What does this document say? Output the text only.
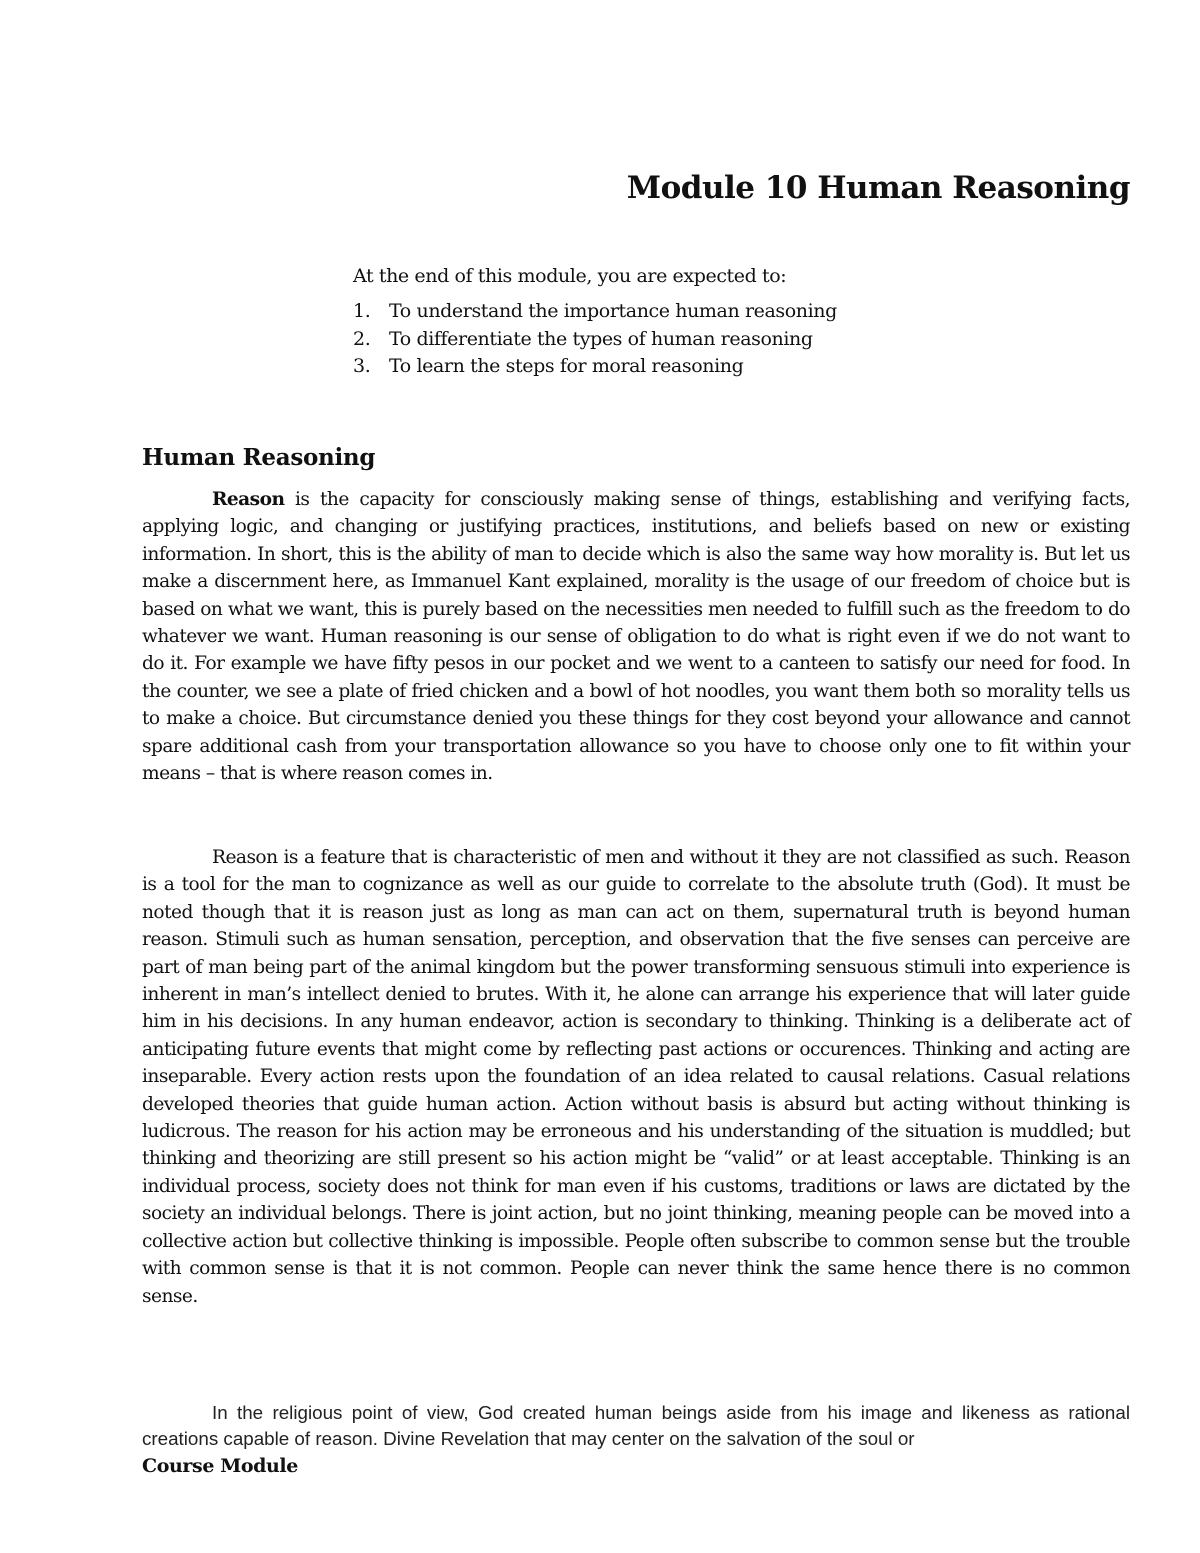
Module 10 Human Reasoning

At the end of this module, you are expected to:

1. To understand the importance human reasoning
2. To differentiate the types of human reasoning
3. To learn the steps for moral reasoning
Human Reasoning

Reason is the capacity for consciously making sense of things, establishing and verifying facts, applying logic, and changing or justifying practices, institutions, and beliefs based on new or existing information. In short, this is the ability of man to decide which is also the same way how morality is. But let us make a discernment here, as Immanuel Kant explained, morality is the usage of our freedom of choice but is based on what we want, this is purely based on the necessities men needed to fulfill such as the freedom to do whatever we want. Human reasoning is our sense of obligation to do what is right even if we do not want to do it. For example we have fifty pesos in our pocket and we went to a canteen to satisfy our need for food. In the counter, we see a plate of fried chicken and a bowl of hot noodles, you want them both so morality tells us to make a choice. But circumstance denied you these things for they cost beyond your allowance and cannot spare additional cash from your transportation allowance so you have to choose only one to fit within your means – that is where reason comes in.

Reason is a feature that is characteristic of men and without it they are not classified as such. Reason is a tool for the man to cognizance as well as our guide to correlate to the absolute truth (God). It must be noted though that it is reason just as long as man can act on them, supernatural truth is beyond human reason. Stimuli such as human sensation, perception, and observation that the five senses can perceive are part of man being part of the animal kingdom but the power transforming sensuous stimuli into experience is inherent in man’s intellect denied to brutes. With it, he alone can arrange his experience that will later guide him in his decisions. In any human endeavor, action is secondary to thinking. Thinking is a deliberate act of anticipating future events that might come by reflecting past actions or occurences. Thinking and acting are inseparable. Every action rests upon the foundation of an idea related to causal relations. Casual relations developed theories that guide human action. Action without basis is absurd but acting without thinking is ludicrous. The reason for his action may be erroneous and his understanding of the situation is muddled; but thinking and theorizing are still present so his action might be “valid” or at least acceptable. Thinking is an individual process, society does not think for man even if his customs, traditions or laws are dictated by the society an individual belongs. There is joint action, but no joint thinking, meaning people can be moved into a collective action but collective thinking is impossible. People often subscribe to common sense but the trouble with common sense is that it is not common. People can never think the same hence there is no common sense.

In the religious point of view, God created human beings aside from his image and likeness as rational creations capable of reason. Divine Revelation that may center on the salvation of the soul or

Course Module
